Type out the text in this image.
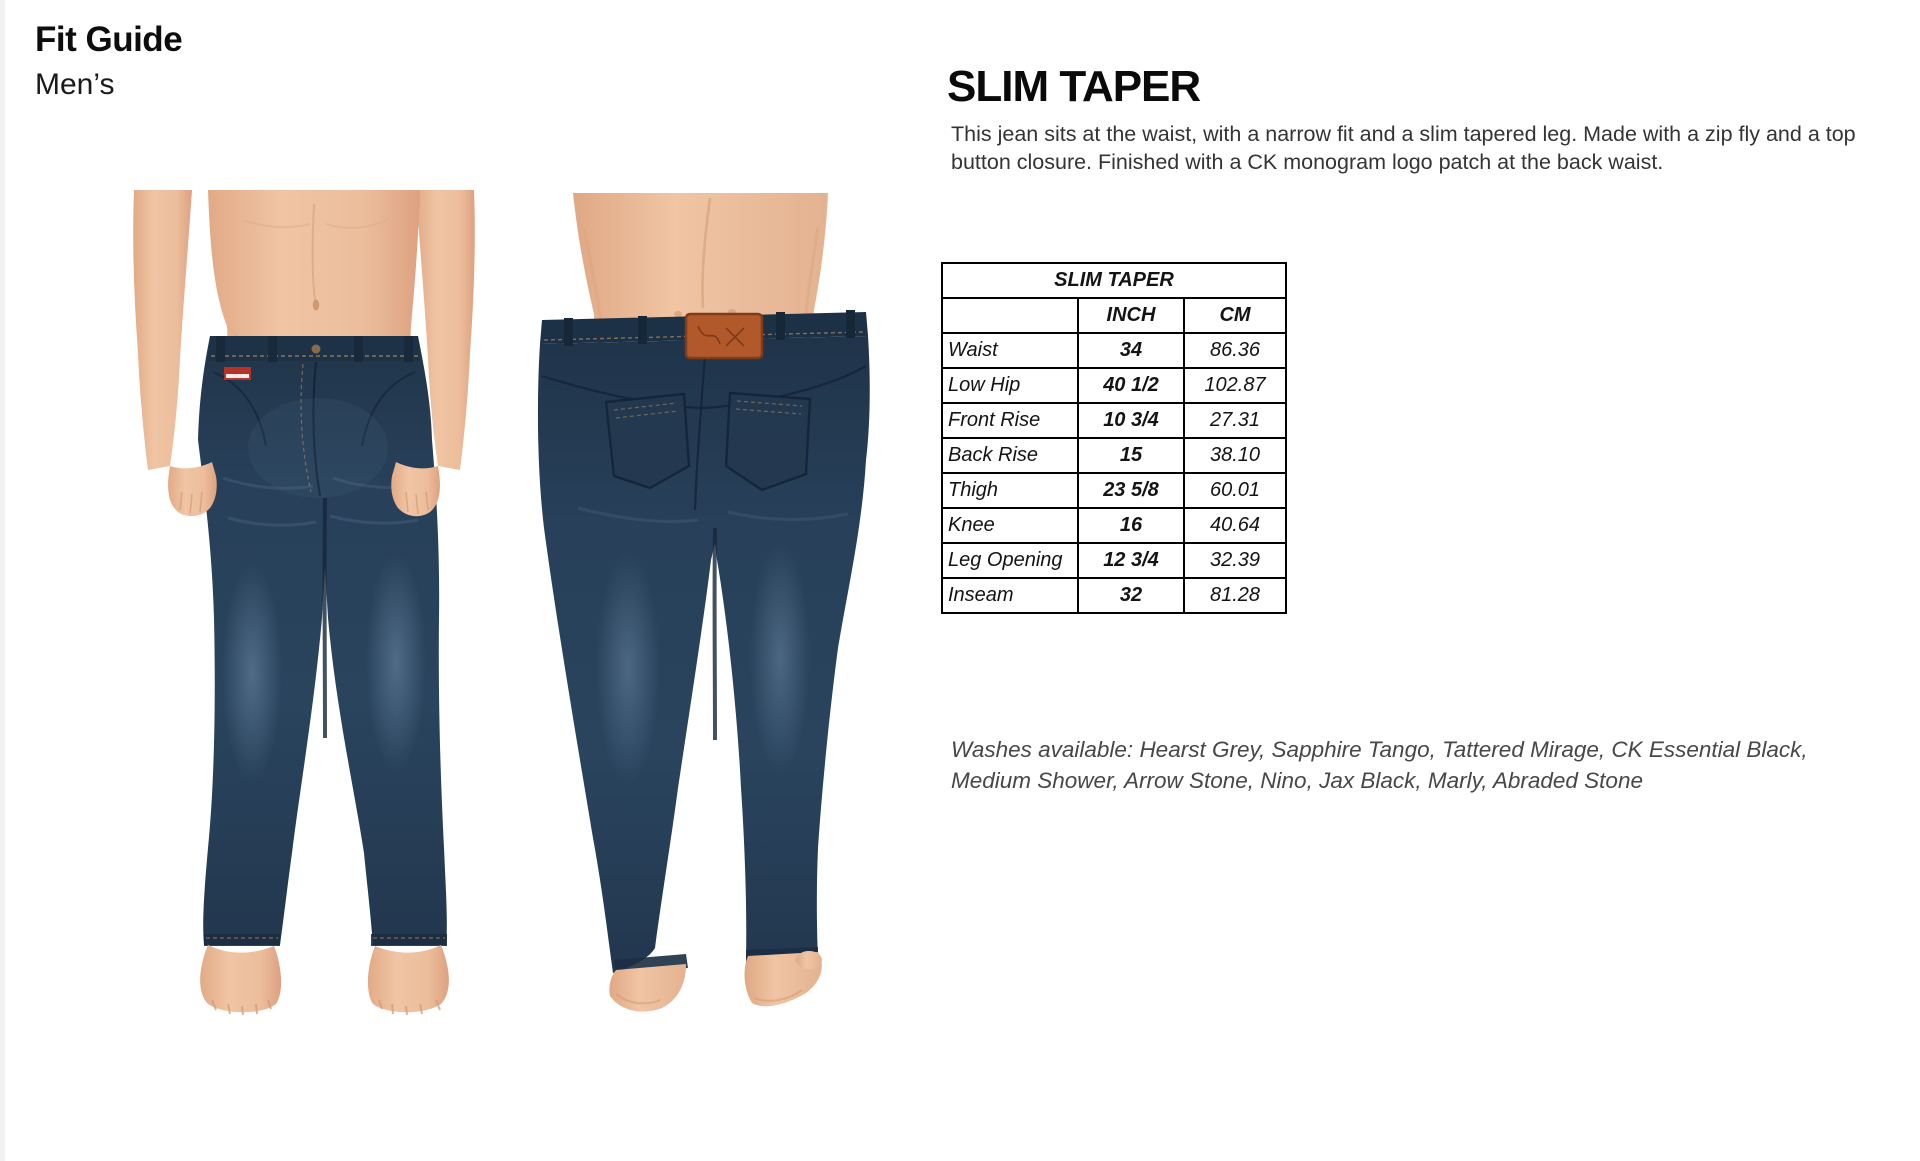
Fit Guide
Men’s	SLIM TAPER
This jean sits at the waist, with a narrow fit and a slim tapered leg. Made with a zip fly and a top button closure. Finished with a CK monogram logo patch at the back waist.
SLIM TAPER		
	INCH	CM
Waist	34	86.36
Low Hip	40 1/2	102.87
Front Rise	10 3/4	27.31
Back Rise	15	38.10
Thigh	23 5/8	60.01
Knee	16	40.64
Leg Opening	12 3/4	32.39
Inseam	32	81.28
Washes available: Hearst Grey, Sapphire Tango, Tattered Mirage, CK Essential Black, Medium Shower, Arrow Stone, Nino, Jax Black, Marly, Abraded Stone
